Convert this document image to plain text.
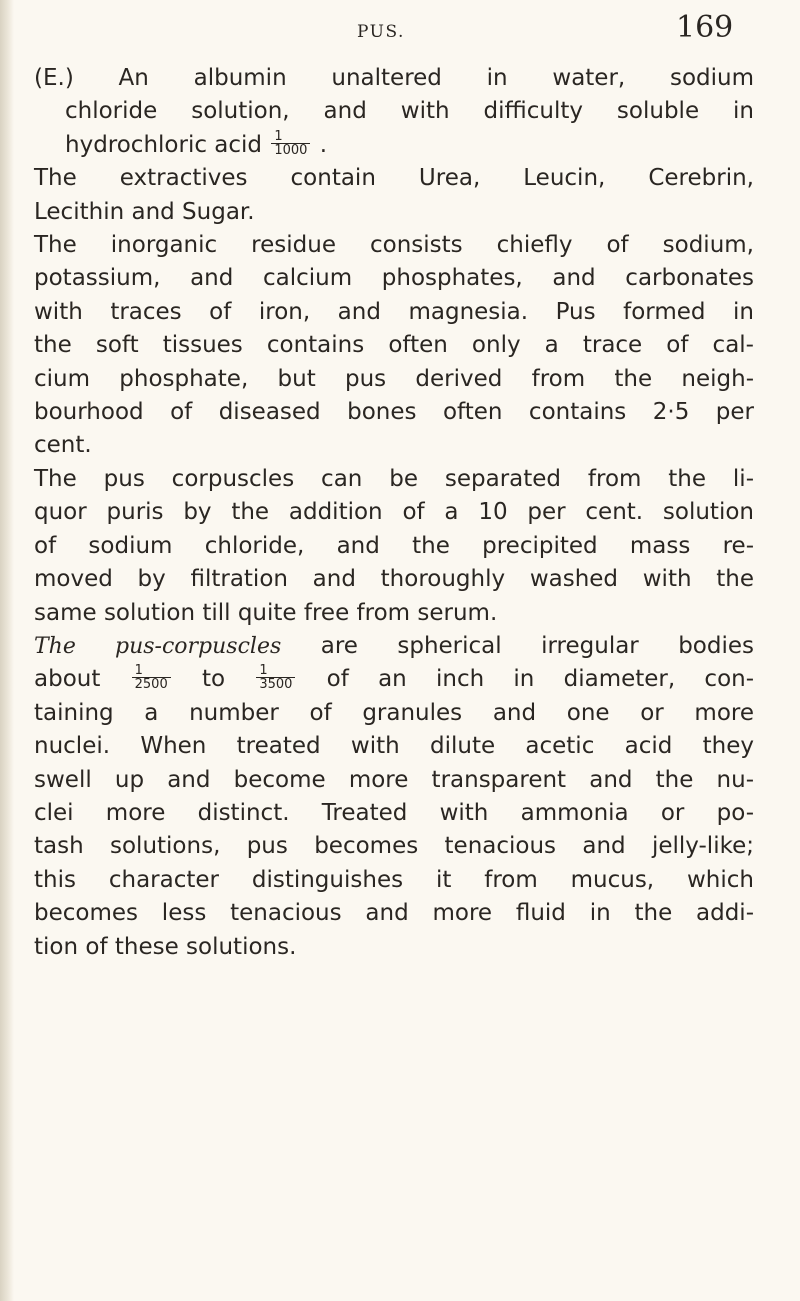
PUS.	169
(E.) An albumin unaltered in water, sodium
chloride solution, and with difficulty soluble in
hydrochloric acid $\frac{1}{1000}$ .
The extractives contain Urea, Leucin, Cerebrin,
Lecithin and Sugar.
The inorganic residue consists chiefly of sodium,
potassium, and calcium phosphates, and carbonates
with traces of iron, and magnesia. Pus formed in
the soft tissues contains often only a trace of cal-
cium phosphate, but pus derived from the neigh-
bourhood of diseased bones often contains 2·5 per
cent.
The pus corpuscles can be separated from the li-
quor puris by the addition of a 10 per cent. solution
of sodium chloride, and the precipited mass re-
moved by filtration and thoroughly washed with the
same solution till quite free from serum.
The pus-corpuscles are spherical irregular bodies
about $\frac{1}{2500}$ to $\frac{1}{3500}$ of an inch in diameter, con-
taining a number of granules and one or more
nuclei. When treated with dilute acetic acid they
swell up and become more transparent and the nu-
clei more distinct. Treated with ammonia or po-
tash solutions, pus becomes tenacious and jelly-like;
this character distinguishes it from mucus, which
becomes less tenacious and more fluid in the addi-
tion of these solutions.
